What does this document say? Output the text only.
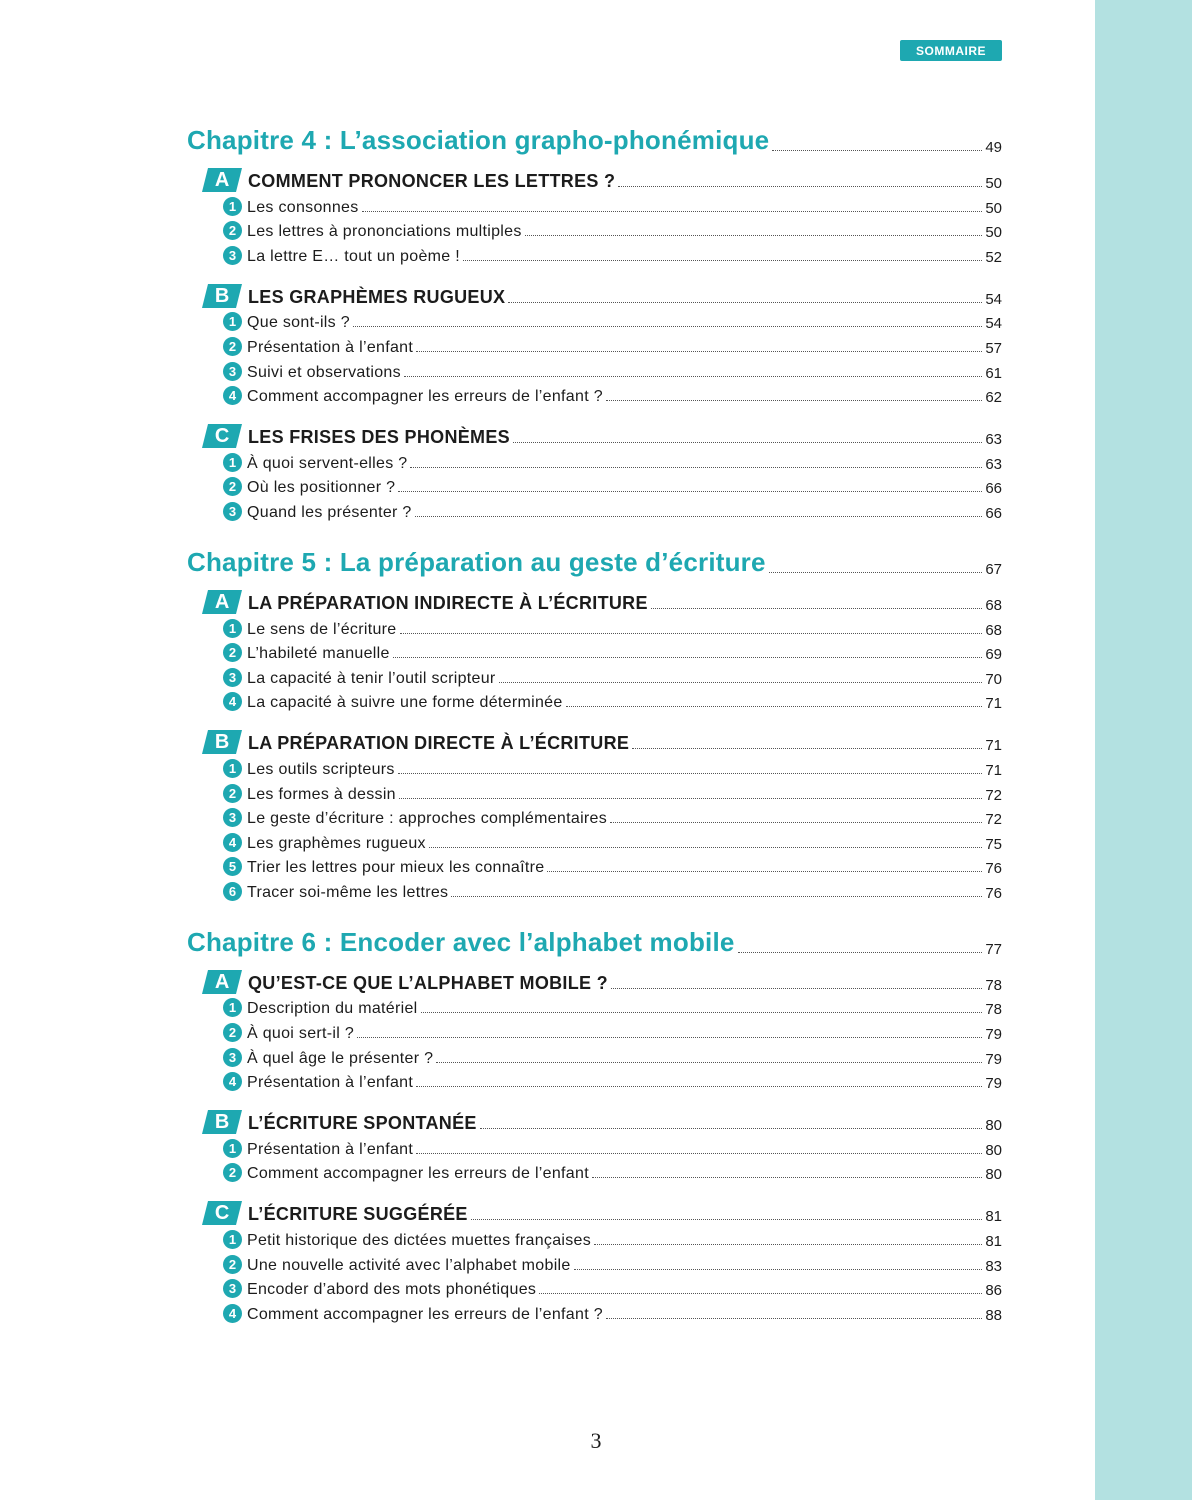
SOMMAIRE
Chapitre 4 : L’association grapho-phonémique	49
A COMMENT PRONONCER LES LETTRES ?	50
1 Les consonnes	50
2 Les lettres à prononciations multiples	50
3 La lettre E… tout un poème !	52
B LES GRAPHÈMES RUGUEUX	54
1 Que sont-ils ?	54
2 Présentation à l’enfant	57
3 Suivi et observations	61
4 Comment accompagner les erreurs de l’enfant ?	62
C LES FRISES DES PHONÈMES	63
1 À quoi servent-elles ?	63
2 Où les positionner ?	66
3 Quand les présenter ?	66
Chapitre 5 : La préparation au geste d’écriture	67
A LA PRÉPARATION INDIRECTE À L’ÉCRITURE	68
1 Le sens de l’écriture	68
2 L’habileté manuelle	69
3 La capacité à tenir l’outil scripteur	70
4 La capacité à suivre une forme déterminée	71
B LA PRÉPARATION DIRECTE À L’ÉCRITURE	71
1 Les outils scripteurs	71
2 Les formes à dessin	72
3 Le geste d’écriture : approches complémentaires	72
4 Les graphèmes rugueux	75
5 Trier les lettres pour mieux les connaître	76
6 Tracer soi-même les lettres	76
Chapitre 6 : Encoder avec l’alphabet mobile	77
A QU’EST-CE QUE L’ALPHABET MOBILE ?	78
1 Description du matériel	78
2 À quoi sert-il ?	79
3 À quel âge le présenter ?	79
4 Présentation à l’enfant	79
B L’ÉCRITURE SPONTANÉE	80
1 Présentation à l’enfant	80
2 Comment accompagner les erreurs de l’enfant	80
C L’ÉCRITURE SUGGÉRÉE	81
1 Petit historique des dictées muettes françaises	81
2 Une nouvelle activité avec l’alphabet mobile	83
3 Encoder d’abord des mots phonétiques	86
4 Comment accompagner les erreurs de l’enfant ?	88
3
